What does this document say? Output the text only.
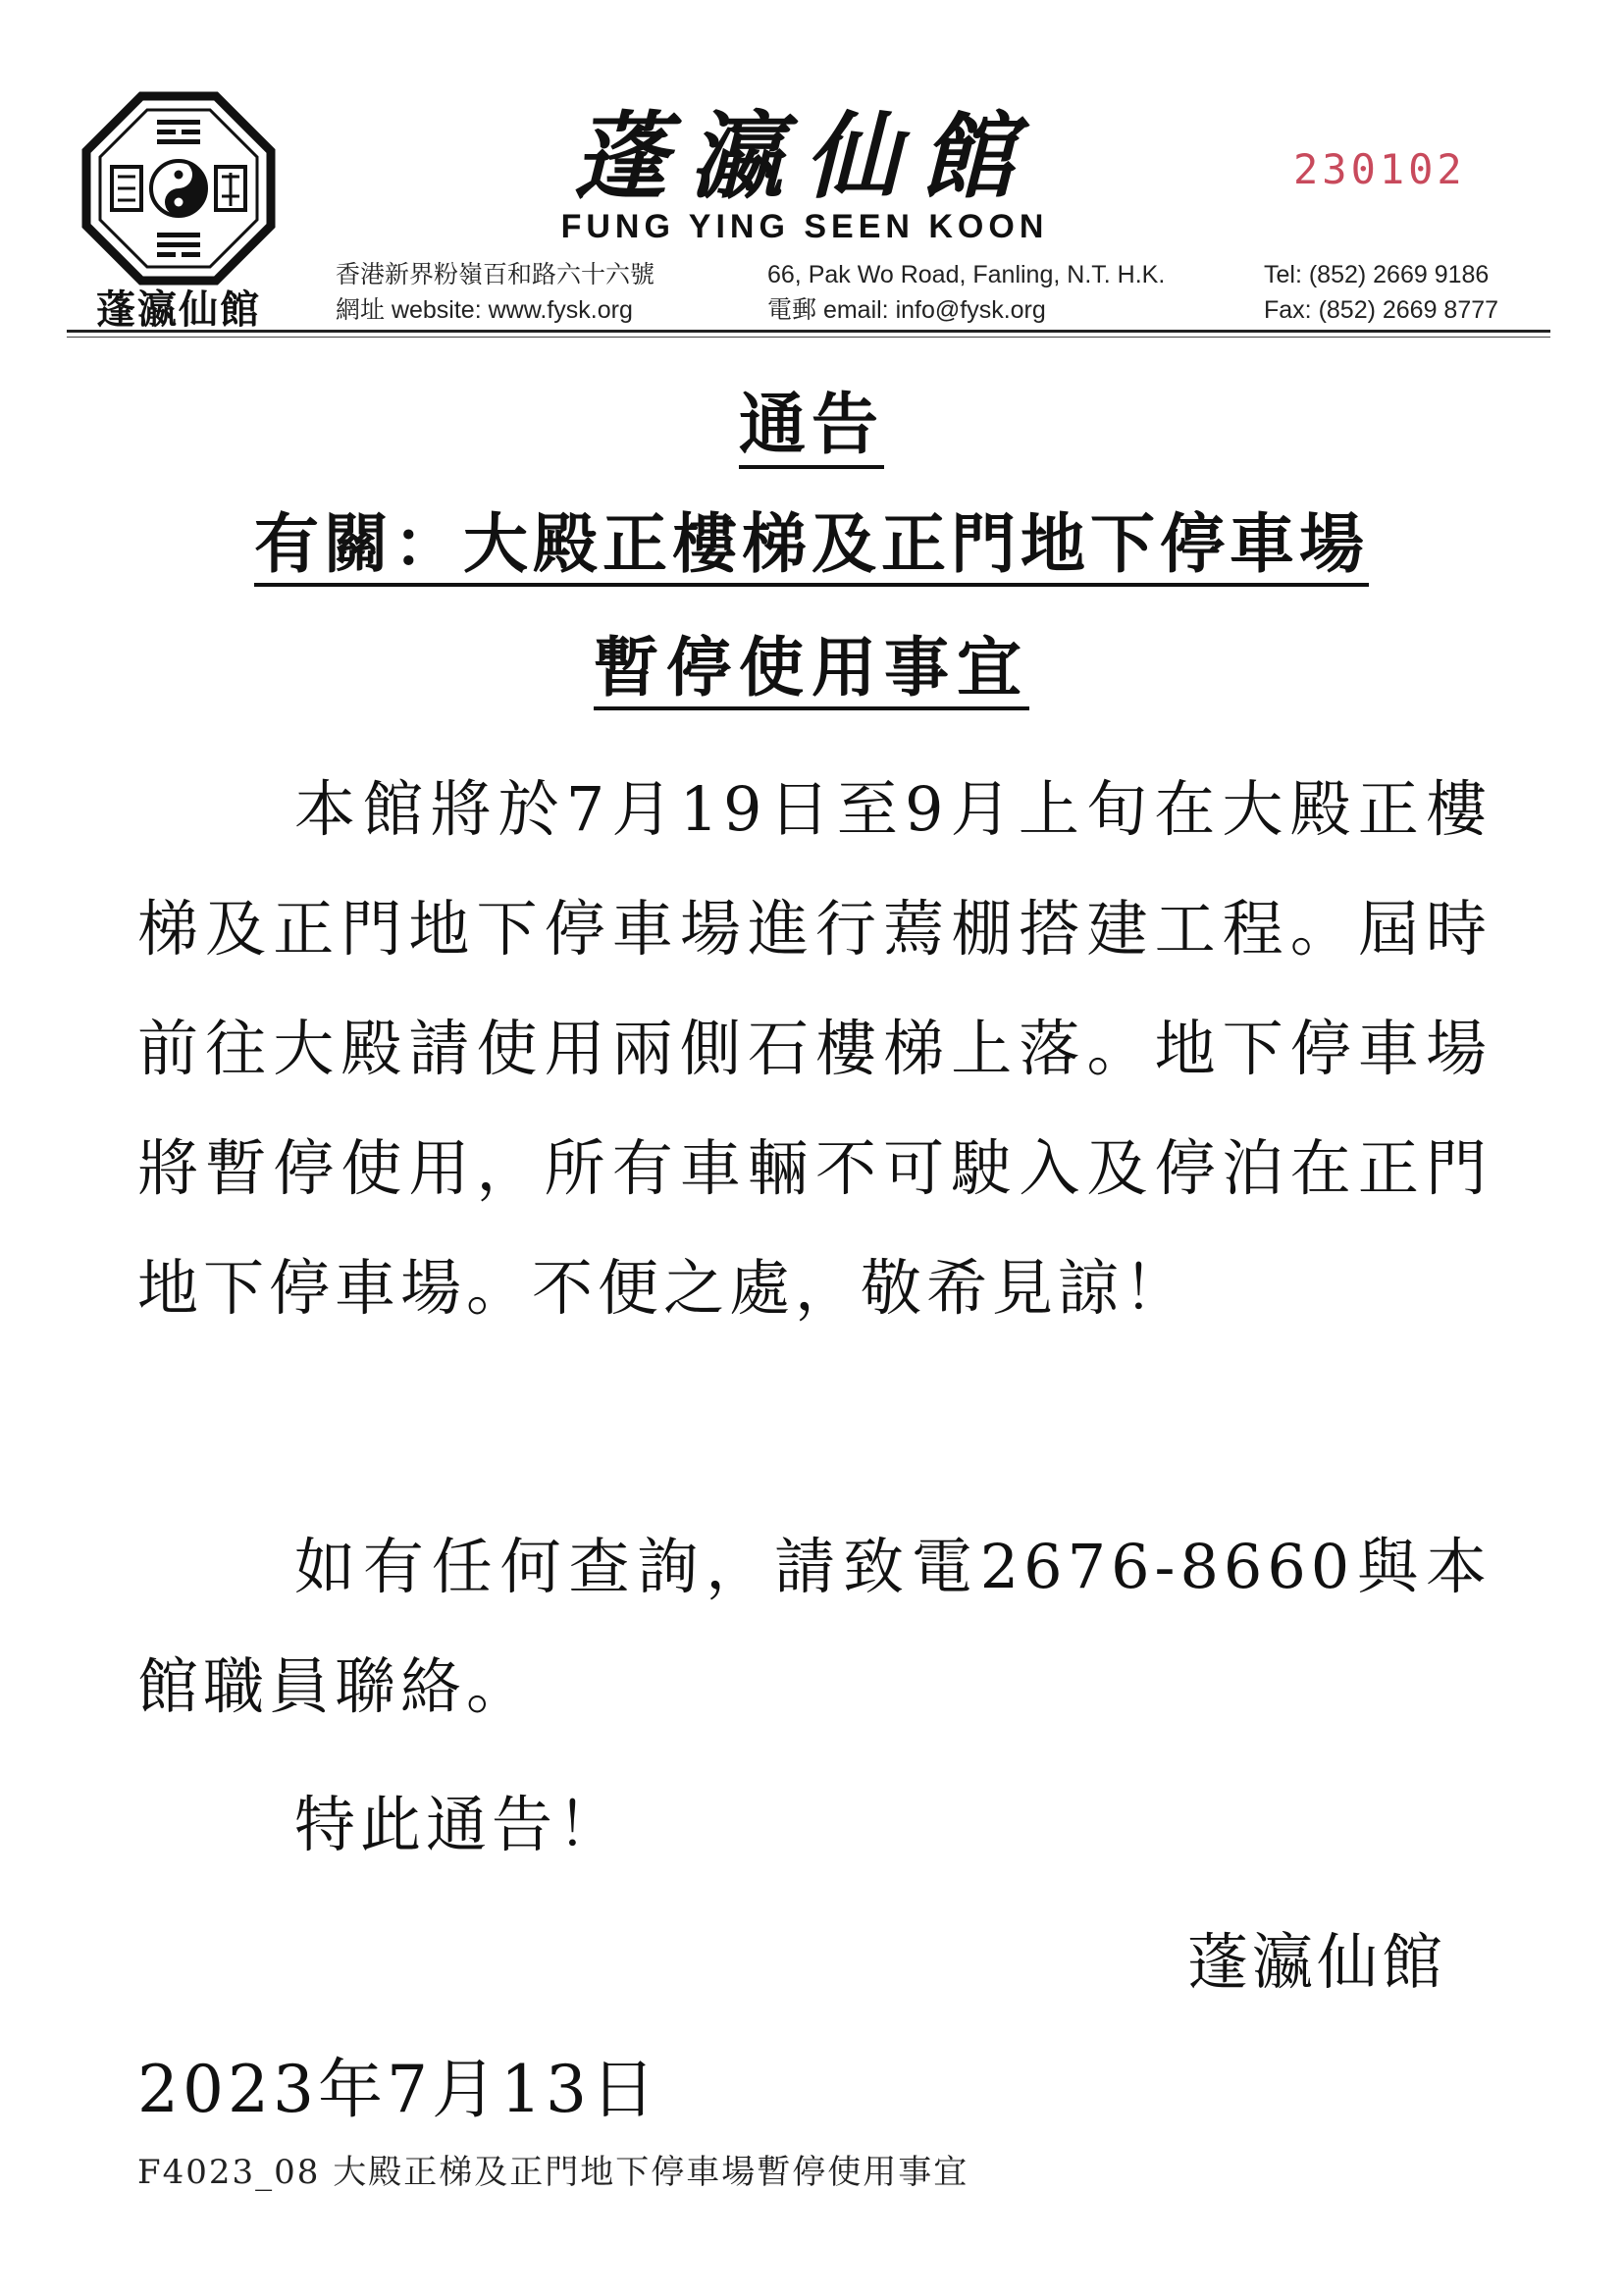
蓬瀛仙館
蓬瀛仙館
FUNG YING SEEN KOON
230102
香港新界粉嶺百和路六十六號
網址 website: www.fysk.org
66, Pak Wo Road, Fanling, N.T. H.K.
電郵 email: info@fysk.org
Tel: (852) 2669 9186
Fax: (852) 2669 8777
通告
有關：大殿正樓梯及正門地下停車場
暫停使用事宜

本館將於7月19日至9月上旬在大殿正樓梯及正門地下停車場進行蔫棚搭建工程。屆時前往大殿請使用兩側石樓梯上落。地下停車場將暫停使用，所有車輛不可駛入及停泊在正門地下停車場。不便之處，敬希見諒！

如有任何查詢，請致電2676-8660與本館職員聯絡。

特此通告！
蓬瀛仙館
2023年7月13日
F4023_08 大殿正梯及正門地下停車場暫停使用事宜
